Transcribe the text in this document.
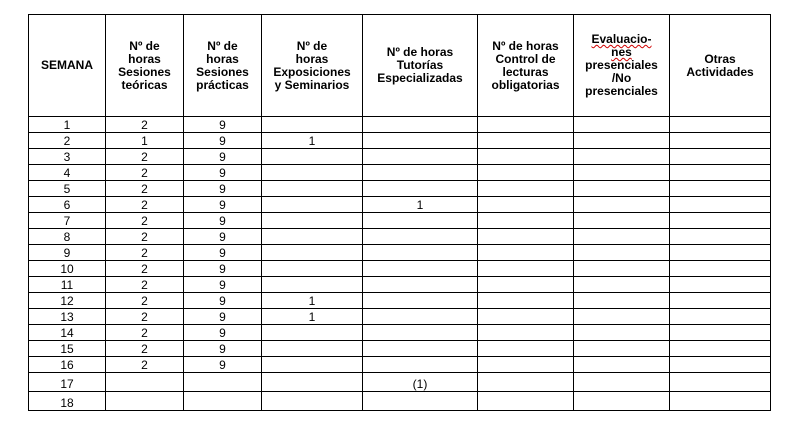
SEMANA	Nº de
horas
Sesiones
teóricas	Nº de
horas
Sesiones
prácticas	Nº de
horas
Exposiciones
y Seminarios	Nº de horas
Tutorías
Especializadas	Nº de horas
Control de
lecturas
obligatorias	Evaluacio-
nes
presenciales
/No
presenciales	Otras
Actividades

1	2	9					
2	1	9	1				
3	2	9					
4	2	9					
5	2	9					
6	2	9		1			
7	2	9					
8	2	9					
9	2	9					
10	2	9					
11	2	9					
12	2	9	1				
13	2	9	1				
14	2	9					
15	2	9					
16	2	9					
17				(1)			
18							
